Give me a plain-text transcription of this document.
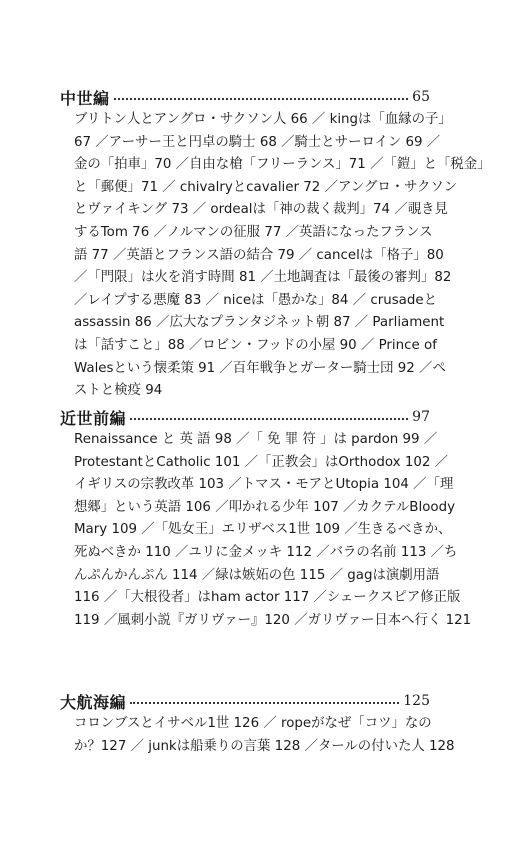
中世編	65
ブリトン人とアングロ・サクソン人 66 ／ kingは「血縁の子」
67 ／アーサー王と円卓の騎士 68 ／騎士とサーロイン 69 ／
金の「拍車」70 ／自由な槍「フリーランス」71 ／「鎧」と「税金」
と「郵便」71 ／ chivalryとcavalier 72 ／アングロ・サクソン
とヴァイキング 73 ／ ordealは「神の裁く裁判」74 ／覗き見
するTom 76 ／ノルマンの征服 77 ／英語になったフランス
語 77 ／英語とフランス語の結合 79 ／ cancelは「格子」80
／「門限」は火を消す時間 81 ／土地調査は「最後の審判」82
／レイプする悪魔 83 ／ niceは「愚かな」84 ／ crusadeと
assassin 86 ／広大なプランタジネット朝 87 ／ Parliament
は「話すこと」88 ／ロビン・フッドの小屋 90 ／ Prince of
Walesという懐柔策 91 ／百年戦争とガーター騎士団 92 ／ペ
ストと検疫 94
近世前編	97
Renaissance と 英 語 98 ／「 免 罪 符 」は pardon 99 ／
ProtestantとCatholic 101 ／「正教会」はOrthodox 102 ／
イギリスの宗教改革 103 ／トマス・モアとUtopia 104 ／「理
想郷」という英語 106 ／叩かれる少年 107 ／カクテルBloody
Mary 109 ／「処女王」エリザベス1世 109 ／生きるべきか、
死ぬべきか 110 ／ユリに金メッキ 112 ／バラの名前 113 ／ち
んぷんかんぷん 114 ／緑は嫉妬の色 115 ／ gagは演劇用語
116 ／「大根役者」はham actor 117 ／シェークスピア修正版
119 ／風刺小説『ガリヴァー』120 ／ガリヴァー日本へ行く 121
大航海編	125
コロンブスとイサベル1世 126 ／ ropeがなぜ「コツ」なの
か？127 ／ junkは船乗りの言葉 128 ／タールの付いた人 128
